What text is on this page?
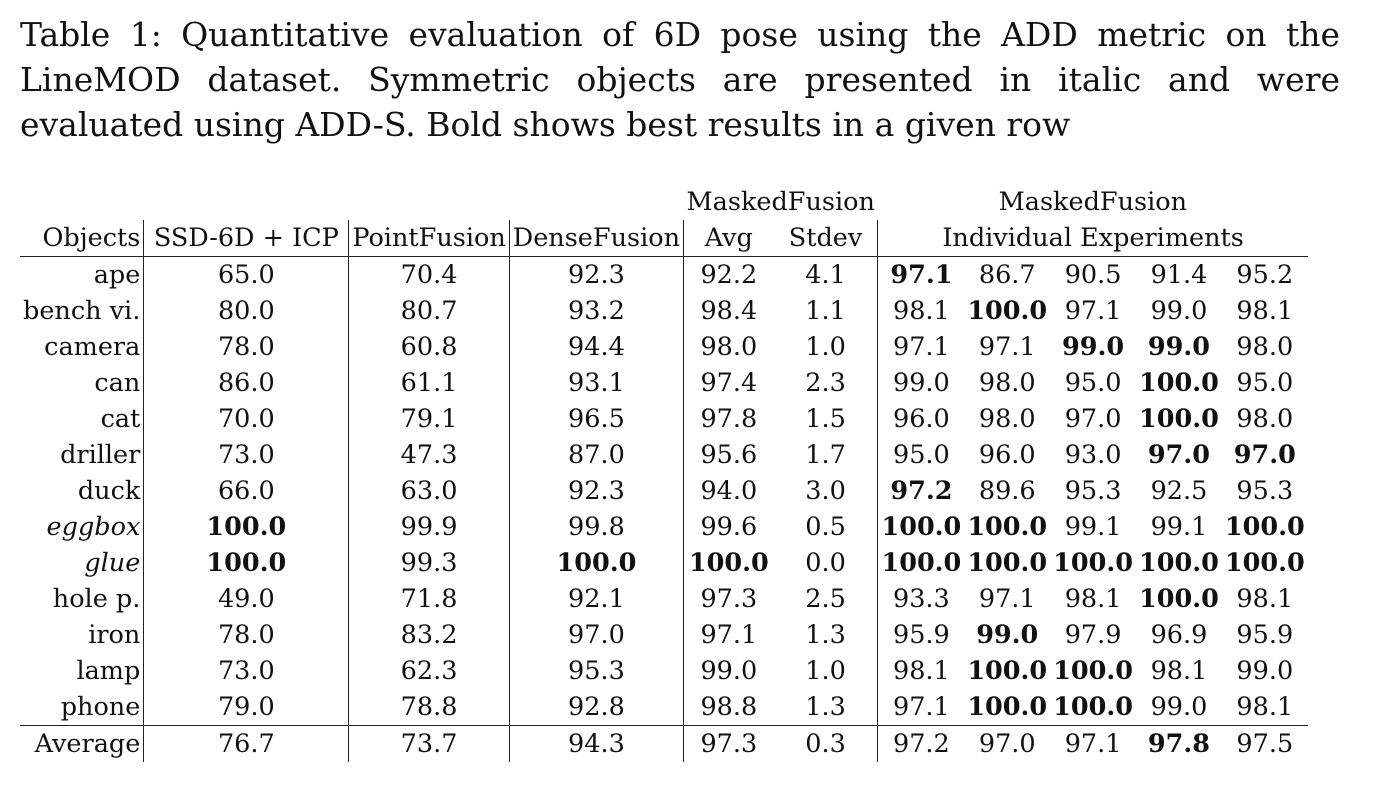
Table 1: Quantitative evaluation of 6D pose using the ADD metric on the LineMOD dataset. Symmetric objects are presented in italic and were evaluated using ADD-S. Bold shows best results in a given row

				MaskedFusion		MaskedFusion				
Objects	SSD-6D + ICP	PointFusion	DenseFusion	Avg	Stdev	Individual Experiments				
ape	65.0	70.4	92.3	92.2	4.1	97.1	86.7	90.5	91.4	95.2
bench vi.	80.0	80.7	93.2	98.4	1.1	98.1	100.0	97.1	99.0	98.1
camera	78.0	60.8	94.4	98.0	1.0	97.1	97.1	99.0	99.0	98.0
can	86.0	61.1	93.1	97.4	2.3	99.0	98.0	95.0	100.0	95.0
cat	70.0	79.1	96.5	97.8	1.5	96.0	98.0	97.0	100.0	98.0
driller	73.0	47.3	87.0	95.6	1.7	95.0	96.0	93.0	97.0	97.0
duck	66.0	63.0	92.3	94.0	3.0	97.2	89.6	95.3	92.5	95.3
eggbox	100.0	99.9	99.8	99.6	0.5	100.0	100.0	99.1	99.1	100.0
glue	100.0	99.3	100.0	100.0	0.0	100.0	100.0	100.0	100.0	100.0
hole p.	49.0	71.8	92.1	97.3	2.5	93.3	97.1	98.1	100.0	98.1
iron	78.0	83.2	97.0	97.1	1.3	95.9	99.0	97.9	96.9	95.9
lamp	73.0	62.3	95.3	99.0	1.0	98.1	100.0	100.0	98.1	99.0
phone	79.0	78.8	92.8	98.8	1.3	97.1	100.0	100.0	99.0	98.1
Average	76.7	73.7	94.3	97.3	0.3	97.2	97.0	97.1	97.8	97.5
